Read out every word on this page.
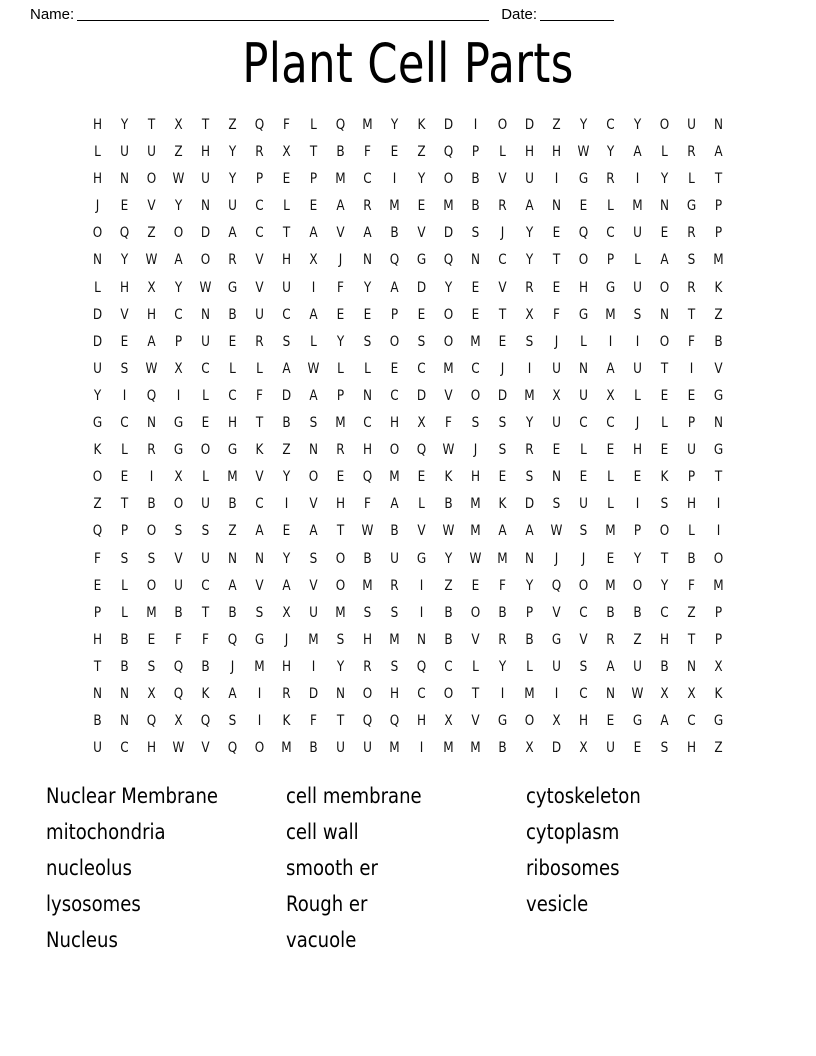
Name:	Date:
Plant Cell Parts
H	Y	T	X	T	Z	Q	F	L	Q	M	Y	K	D	I	O	D	Z	Y	C	Y	O	U	N
L	U	U	Z	H	Y	R	X	T	B	F	E	Z	Q	P	L	H	H	W	Y	A	L	R	A
H	N	O	W	U	Y	P	E	P	M	C	I	Y	O	B	V	U	I	G	R	I	Y	L	T
J	E	V	Y	N	U	C	L	E	A	R	M	E	M	B	R	A	N	E	L	M	N	G	P
O	Q	Z	O	D	A	C	T	A	V	A	B	V	D	S	J	Y	E	Q	C	U	E	R	P
N	Y	W	A	O	R	V	H	X	J	N	Q	G	Q	N	C	Y	T	O	P	L	A	S	M
L	H	X	Y	W	G	V	U	I	F	Y	A	D	Y	E	V	R	E	H	G	U	O	R	K
D	V	H	C	N	B	U	C	A	E	E	P	E	O	E	T	X	F	G	M	S	N	T	Z
D	E	A	P	U	E	R	S	L	Y	S	O	S	O	M	E	S	J	L	I	I	O	F	B
U	S	W	X	C	L	L	A	W	L	L	E	C	M	C	J	I	U	N	A	U	T	I	V
Y	I	Q	I	L	C	F	D	A	P	N	C	D	V	O	D	M	X	U	X	L	E	E	G
G	C	N	G	E	H	T	B	S	M	C	H	X	F	S	S	Y	U	C	C	J	L	P	N
K	L	R	G	O	G	K	Z	N	R	H	O	Q	W	J	S	R	E	L	E	H	E	U	G
O	E	I	X	L	M	V	Y	O	E	Q	M	E	K	H	E	S	N	E	L	E	K	P	T
Z	T	B	O	U	B	C	I	V	H	F	A	L	B	M	K	D	S	U	L	I	S	H	I
Q	P	O	S	S	Z	A	E	A	T	W	B	V	W	M	A	A	W	S	M	P	O	L	I
F	S	S	V	U	N	N	Y	S	O	B	U	G	Y	W	M	N	J	J	E	Y	T	B	O
E	L	O	U	C	A	V	A	V	O	M	R	I	Z	E	F	Y	Q	O	M	O	Y	F	M
P	L	M	B	T	B	S	X	U	M	S	S	I	B	O	B	P	V	C	B	B	C	Z	P
H	B	E	F	F	Q	G	J	M	S	H	M	N	B	V	R	B	G	V	R	Z	H	T	P
T	B	S	Q	B	J	M	H	I	Y	R	S	Q	C	L	Y	L	U	S	A	U	B	N	X
N	N	X	Q	K	A	I	R	D	N	O	H	C	O	T	I	M	I	C	N	W	X	X	K
B	N	Q	X	Q	S	I	K	F	T	Q	Q	H	X	V	G	O	X	H	E	G	A	C	G
U	C	H	W	V	Q	O	M	B	U	U	M	I	M	M	B	X	D	X	U	E	S	H	Z
Nuclear Membrane	cell membrane	cytoskeleton
mitochondria	cell wall	cytoplasm
nucleolus	smooth er	ribosomes
lysosomes	Rough er	vesicle
Nucleus	vacuole
